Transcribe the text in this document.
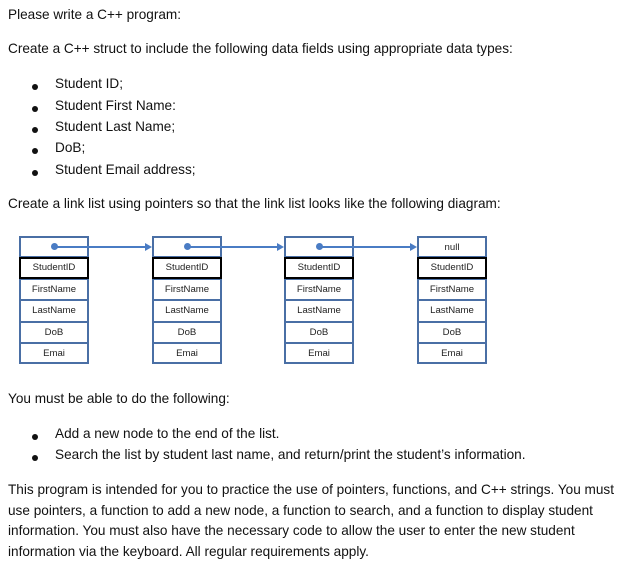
Please write a C++ program:
Create a C++ struct to include the following data fields using appropriate data types:
Student ID;
Student First Name:
Student Last Name;
DoB;
Student Email address;
Create a link list using pointers so that the link list looks like the following diagram:
StudentID
FirstName
LastName
DoB
Emai
StudentID
FirstName
LastName
DoB
Emai
StudentID
FirstName
LastName
DoB
Emai
null
StudentID
FirstName
LastName
DoB
Emai
You must be able to do the following:
Add a new node to the end of the list.
Search the list by student last name, and return/print the student’s information.
This program is intended for you to practice the use of pointers, functions, and C++ strings. You must use pointers, a function to add a new node, a function to search, and a function to display student information. You must also have the necessary code to allow the user to enter the new student information via the keyboard. All regular requirements apply.
